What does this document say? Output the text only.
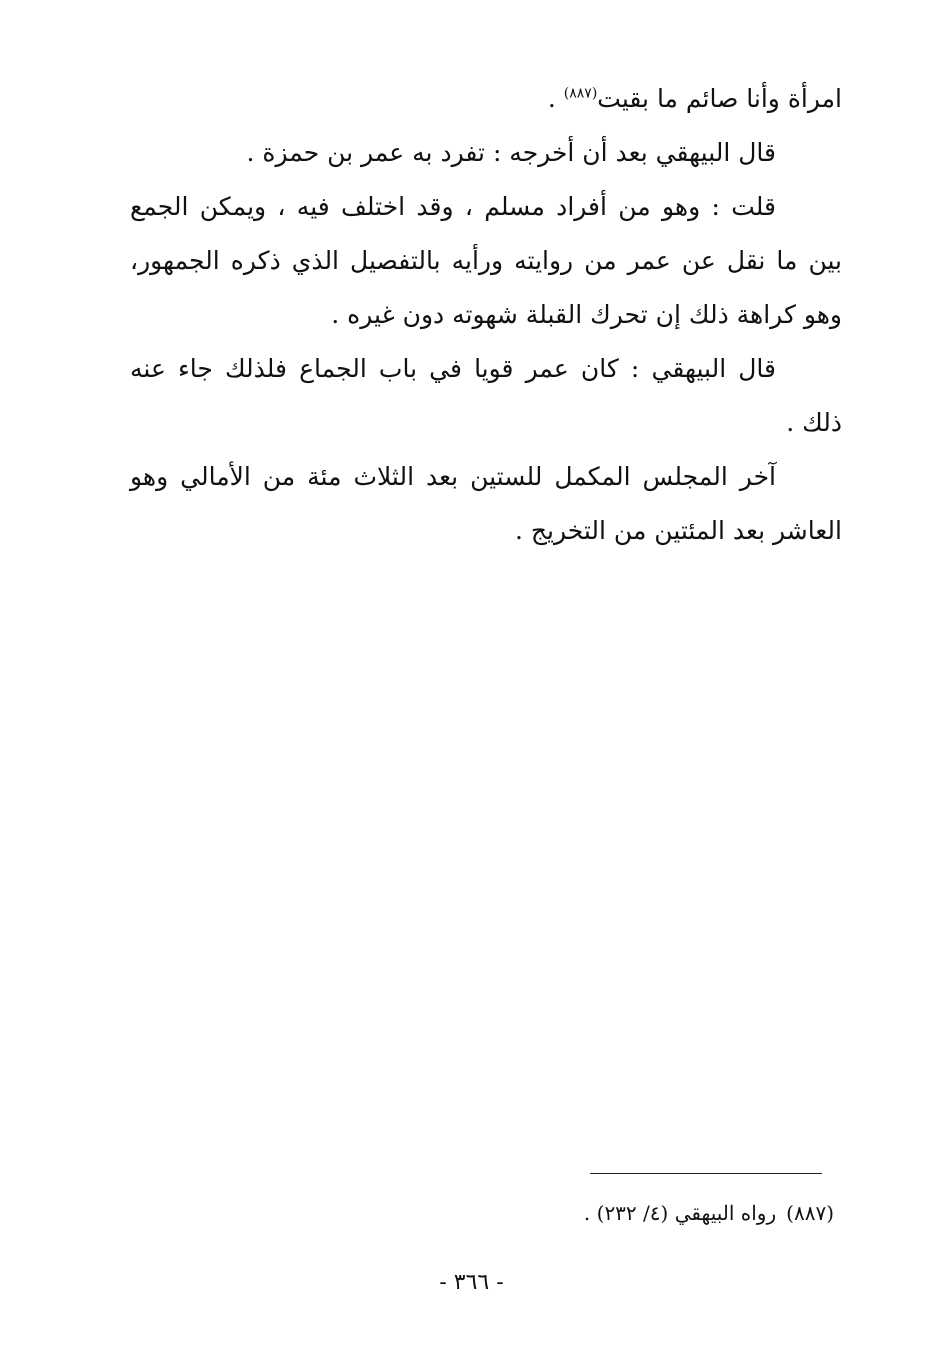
امرأة وأنا صائم ما بقيت$^{(٨٨٧)}$ .

قال البيهقي بعد أن أخرجه : تفرد به عمر بن حمزة .

قلت : وهو من أفراد مسلم ، وقد اختلف فيه ، ويمكن الجمع بين ما نقل عن عمر من روايته ورأيه بالتفصيل الذي ذكره الجمهور، وهو كراهة ذلك إن تحرك القبلة شهوته دون غيره .

قال البيهقي : كان عمر قويا في باب الجماع فلذلك جاء عنه ذلك .

آخر المجلس المكمل للستين بعد الثلاث مئة من الأمالي وهو العاشر بعد المئتين من التخريج .

(٨٨٧)رواه البيهقي (٤/ ٢٣٢) .
- ٣٦٦ -
